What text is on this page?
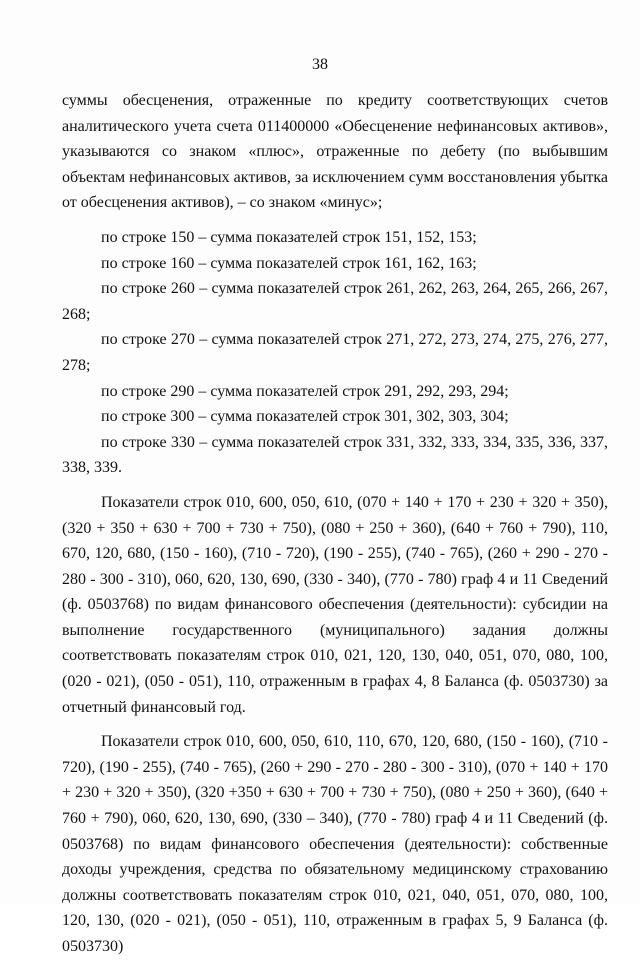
38

суммы обесценения, отраженные по кредиту соответствующих счетов аналитического учета счета 011400000 «Обесценение нефинансовых активов», указываются со знаком «плюс», отраженные по дебету (по выбывшим объектам нефинансовых активов, за исключением сумм восстановления убытка от обесценения активов), – со знаком «минус»;

по строке 150 – сумма показателей строк 151, 152, 153;

по строке 160 – сумма показателей строк 161, 162, 163;

по строке 260 – сумма показателей строк 261, 262, 263, 264, 265, 266, 267, 268;

по строке 270 – сумма показателей строк 271, 272, 273, 274, 275, 276, 277, 278;

по строке 290 – сумма показателей строк 291, 292, 293, 294;

по строке 300 – сумма показателей строк 301, 302, 303, 304;

по строке 330 – сумма показателей строк 331, 332, 333, 334, 335, 336, 337, 338, 339.

Показатели строк 010, 600, 050, 610, (070 + 140 + 170 + 230 + 320 + 350), (320 + 350 + 630 + 700 + 730 + 750), (080 + 250 + 360), (640 + 760 + 790), 110, 670, 120, 680, (150 - 160), (710 - 720), (190 - 255), (740 - 765), (260 + 290 - 270 - 280 - 300 - 310), 060, 620, 130, 690, (330 - 340), (770 - 780) граф 4 и 11 Сведений (ф. 0503768) по видам финансового обеспечения (деятельности): субсидии на выполнение государственного (муниципального) задания должны соответствовать показателям строк 010, 021, 120, 130, 040, 051, 070, 080, 100, (020 - 021), (050 - 051), 110, отраженным в графах 4, 8 Баланса (ф. 0503730) за отчетный финансовый год.

Показатели строк 010, 600, 050, 610, 110, 670, 120, 680, (150 - 160), (710 - 720), (190 - 255), (740 - 765), (260 + 290 - 270 - 280 - 300 - 310), (070 + 140 + 170 + 230 + 320 + 350), (320 +350 + 630 + 700 + 730 + 750), (080 + 250 + 360), (640 + 760 + 790), 060, 620, 130, 690, (330 – 340), (770 - 780) граф 4 и 11 Сведений (ф. 0503768) по видам финансового обеспечения (деятельности): собственные доходы учреждения, средства по обязательному медицинскому страхованию должны соответствовать показателям строк 010, 021, 040, 051, 070, 080, 100, 120, 130, (020 - 021), (050 - 051), 110, отраженным в графах 5, 9 Баланса (ф. 0503730)
